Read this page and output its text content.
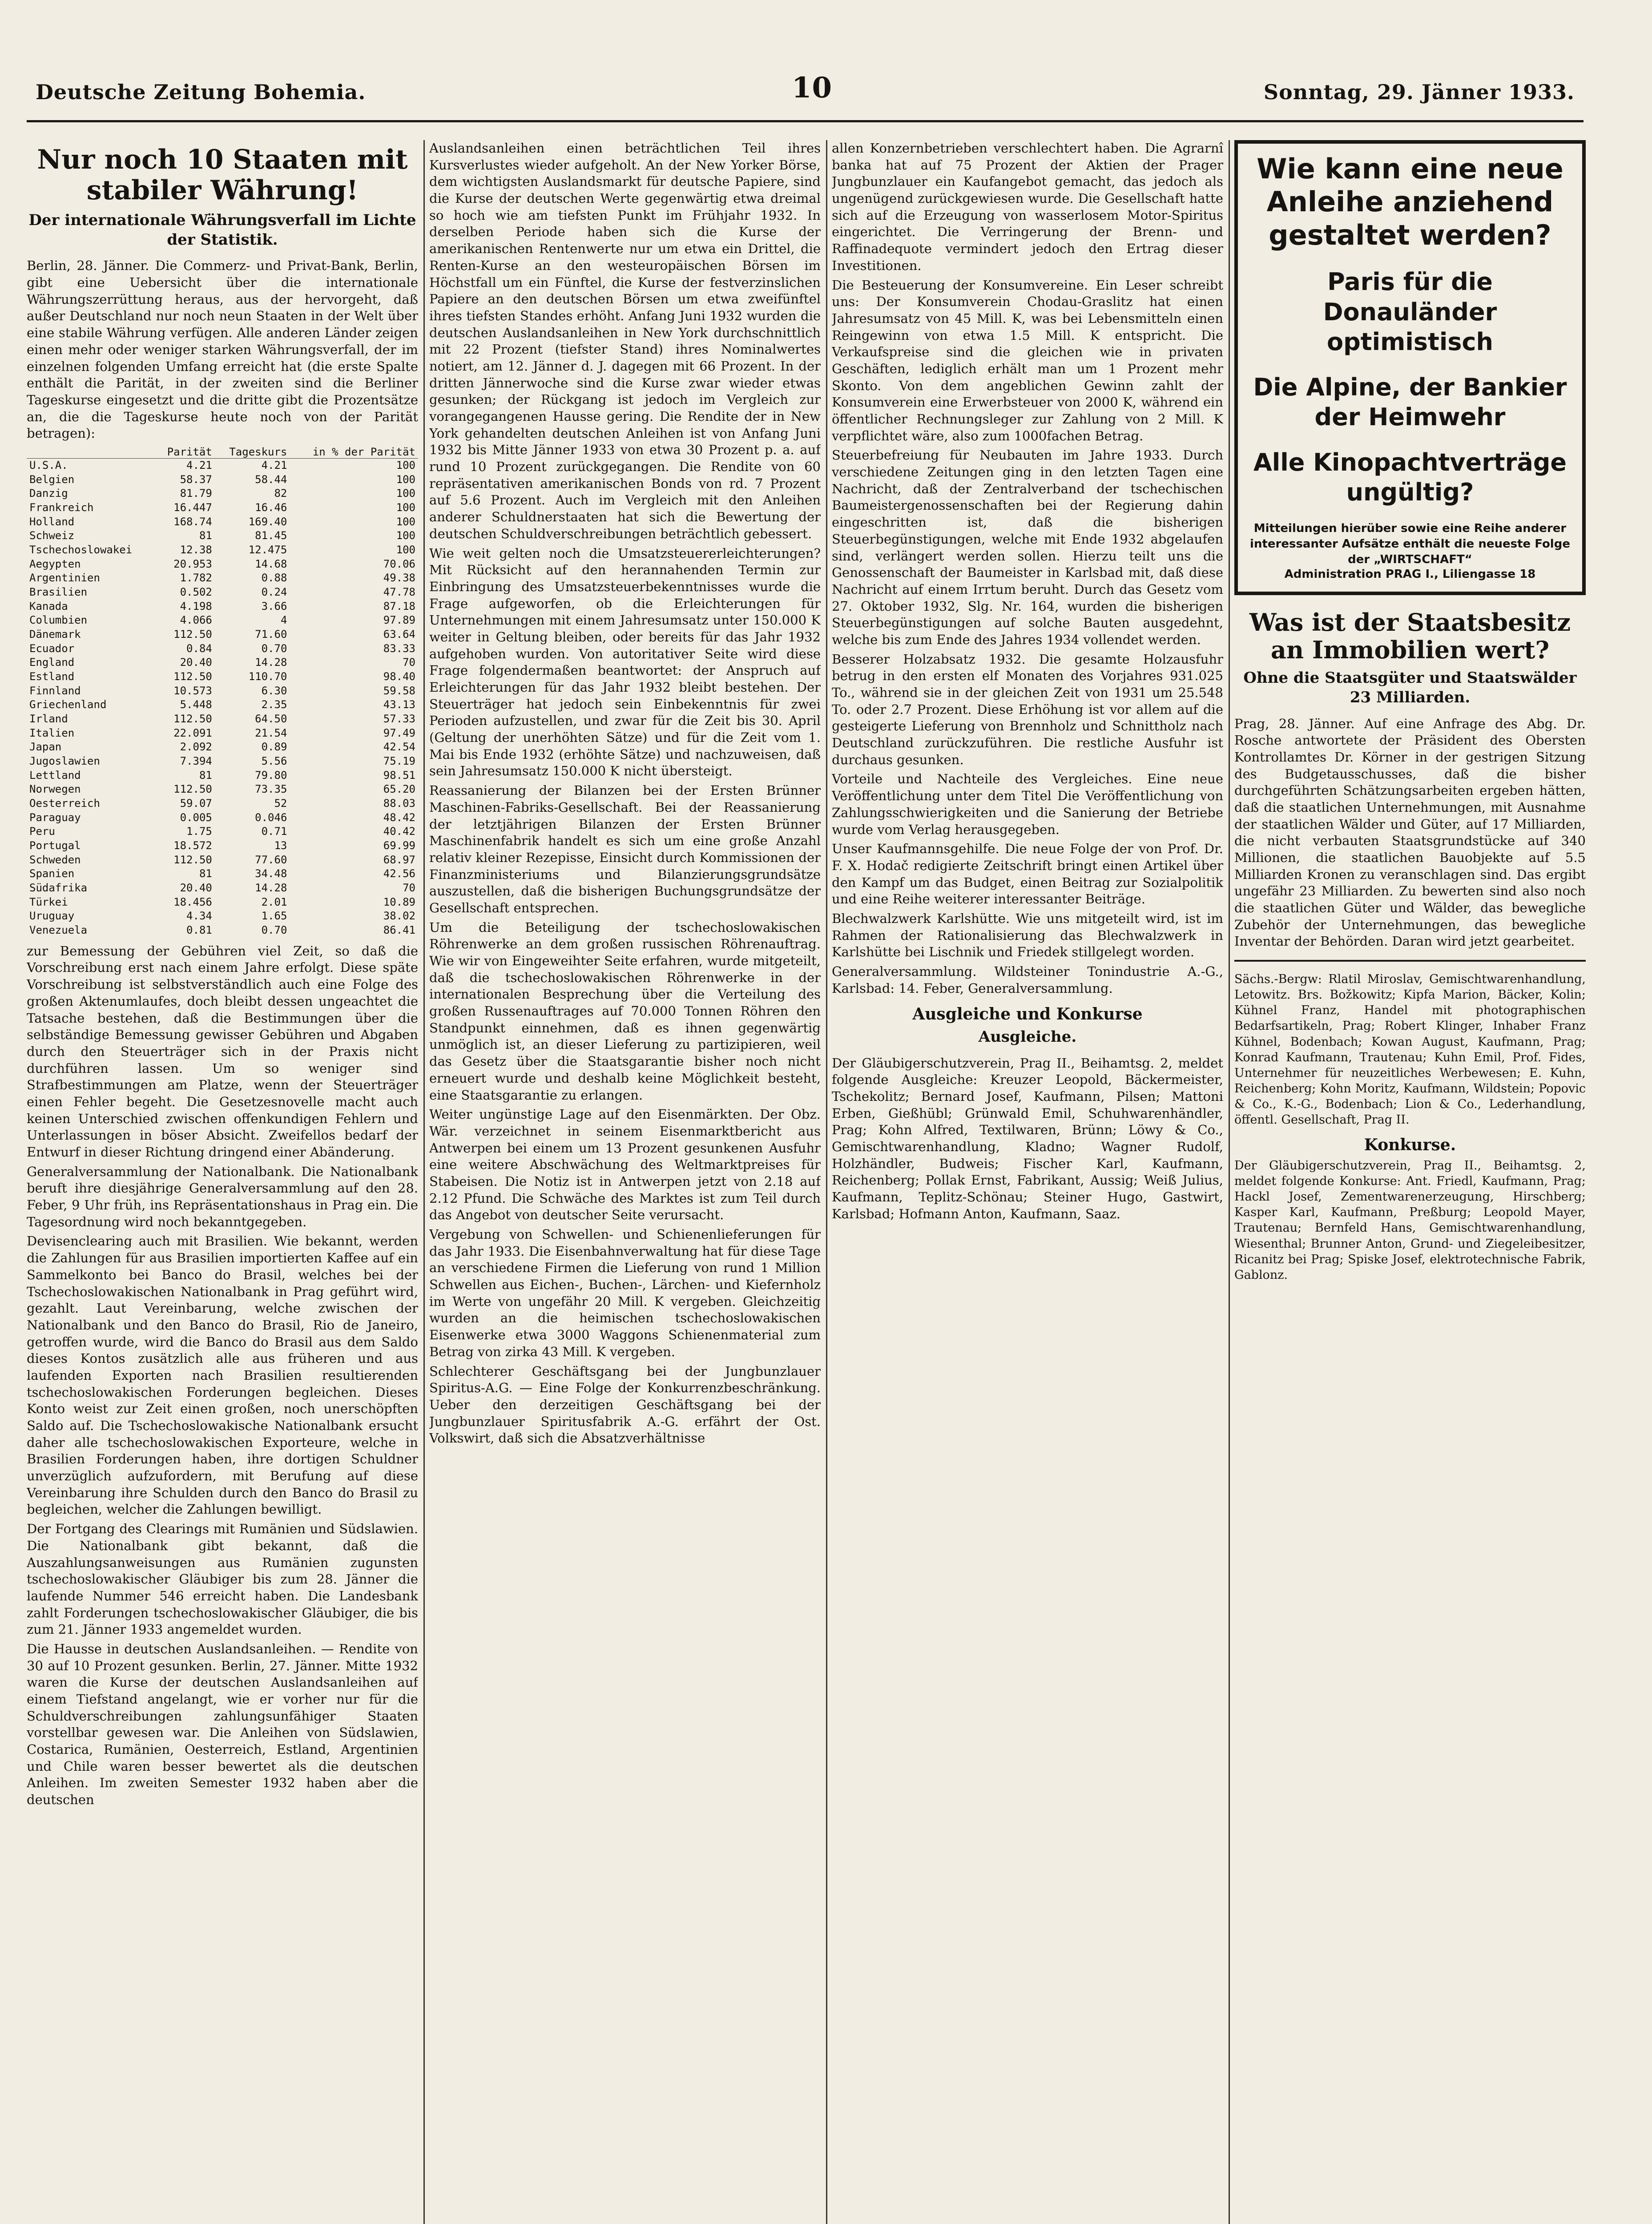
Deutsche Zeitung Bohemia.	10	Sonntag, 29. Jänner 1933.
Nur noch 10 Staaten mit stabiler Währung!
Der internationale Währungsverfall im Lichte der Statistik.

Berlin, 28. Jänner. Die Commerz- und Privat-Bank, Berlin, gibt eine Uebersicht über die internationale Währungszerrüttung heraus, aus der hervorgeht, daß außer Deutschland nur noch neun Staaten in der Welt über eine stabile Währung verfügen. Alle anderen Länder zeigen einen mehr oder weniger starken Währungsverfall, der im einzelnen folgenden Umfang erreicht hat (die erste Spalte enthält die Parität, in der zweiten sind die Berliner Tageskurse eingesetzt und die dritte gibt die Prozentsätze an, die die Tageskurse heute noch von der Parität betragen):

	Parität	Tageskurs	in % der Parität
U.S.A.	4.21	4.21	100
Belgien	58.37	58.44	100
Danzig	81.79	82	100
Frankreich	16.447	16.46	100
Holland	168.74	169.40	100
Schweiz	81	81.45	100
Tschechoslowakei	12.38	12.475	100
Aegypten	20.953	14.68	70.06
Argentinien	1.782	0.88	49.38
Brasilien	0.502	0.24	47.78
Kanada	4.198	3.66	87.18
Columbien	4.066	4	97.89
Dänemark	112.50	71.60	63.64
Ecuador	0.84	0.70	83.33
England	20.40	14.28	70
Estland	112.50	110.70	98.40
Finnland	10.573	6.30	59.58
Griechenland	5.448	2.35	43.13
Irland	112.50	64.50	57.33
Italien	22.091	21.54	97.49
Japan	2.092	0.89	42.54
Jugoslawien	7.394	5.56	75.19
Lettland	81	79.80	98.51
Norwegen	112.50	73.35	65.20
Oesterreich	59.07	52	88.03
Paraguay	0.005	0.046	48.42
Peru	1.75	0.71	40.42
Portugal	18.572	13	69.99
Schweden	112.50	77.60	68.97
Spanien	81	34.48	42.56
Südafrika	20.40	14.28	70
Türkei	18.456	2.01	10.89
Uruguay	4.34	1.65	38.02
Venezuela	0.81	0.70	86.41

zur Bemessung der Gebühren viel Zeit, so daß die Vorschreibung erst nach einem Jahre erfolgt. Diese späte Vorschreibung ist selbstverständlich auch eine Folge des großen Aktenumlaufes, doch bleibt dessen ungeachtet die Tatsache bestehen, daß die Bestimmungen über die selbständige Bemessung gewisser Gebühren und Abgaben durch den Steuerträger sich in der Praxis nicht durchführen lassen. Um so weniger sind Strafbestimmungen am Platze, wenn der Steuerträger einen Fehler begeht. Die Gesetzesnovelle macht auch keinen Unterschied zwischen offenkundigen Fehlern und Unterlassungen in böser Absicht. Zweifellos bedarf der Entwurf in dieser Richtung dringend einer Abänderung.

Generalversammlung der Nationalbank. Die Nationalbank beruft ihre diesjährige Generalversammlung auf den 28. Feber, 9 Uhr früh, ins Repräsentationshaus in Prag ein. Die Tagesordnung wird noch bekanntgegeben.

Devisenclearing auch mit Brasilien. Wie bekannt, werden die Zahlungen für aus Brasilien importierten Kaffee auf ein Sammelkonto bei Banco do Brasil, welches bei der Tschechoslowakischen Nationalbank in Prag geführt wird, gezahlt. Laut Vereinbarung, welche zwischen der Nationalbank und den Banco do Brasil, Rio de Janeiro, getroffen wurde, wird die Banco do Brasil aus dem Saldo dieses Kontos zusätzlich alle aus früheren und aus laufenden Exporten nach Brasilien resultierenden tschechoslowakischen Forderungen begleichen. Dieses Konto weist zur Zeit einen großen, noch unerschöpften Saldo auf. Die Tschechoslowakische Nationalbank ersucht daher alle tschechoslowakischen Exporteure, welche in Brasilien Forderungen haben, ihre dortigen Schuldner unverzüglich aufzufordern, mit Berufung auf diese Vereinbarung ihre Schulden durch den Banco do Brasil zu begleichen, welcher die Zahlungen bewilligt.

Der Fortgang des Clearings mit Rumänien und Südslawien. Die Nationalbank gibt bekannt, daß die Auszahlungsanweisungen aus Rumänien zugunsten tschechoslowakischer Gläubiger bis zum 28. Jänner die laufende Nummer 546 erreicht haben. Die Landesbank zahlt Forderungen tschechoslowakischer Gläubiger, die bis zum 21. Jänner 1933 angemeldet wurden.

Die Hausse in deutschen Auslandsanleihen. — Rendite von 30 auf 10 Prozent gesunken. Berlin, 27. Jänner. Mitte 1932 waren die Kurse der deutschen Auslandsanleihen auf einem Tiefstand angelangt, wie er vorher nur für die Schuldverschreibungen zahlungsunfähiger Staaten vorstellbar gewesen war. Die Anleihen von Südslawien, Costarica, Rumänien, Oesterreich, Estland, Argentinien und Chile waren besser bewertet als die deutschen Anleihen. Im zweiten Semester 1932 haben aber die deutschen

Auslandsanleihen einen beträchtlichen Teil ihres Kursverlustes wieder aufgeholt. An der New Yorker Börse, dem wichtigsten Auslandsmarkt für deutsche Papiere, sind die Kurse der deutschen Werte gegenwärtig etwa dreimal so hoch wie am tiefsten Punkt im Frühjahr 1932. In derselben Periode haben sich die Kurse der amerikanischen Rentenwerte nur um etwa ein Drittel, die Renten-Kurse an den westeuropäischen Börsen im Höchstfall um ein Fünftel, die Kurse der festverzinslichen Papiere an den deutschen Börsen um etwa zweifünftel ihres tiefsten Standes erhöht. Anfang Juni 1932 wurden die deutschen Auslandsanleihen in New York durchschnittlich mit 22 Prozent (tiefster Stand) ihres Nominalwertes notiert, am 12. Jänner d. J. dagegen mit 66 Prozent. In der dritten Jännerwoche sind die Kurse zwar wieder etwas gesunken; der Rückgang ist jedoch im Vergleich zur vorangegangenen Hausse gering. Die Rendite der in New York gehandelten deutschen Anleihen ist von Anfang Juni 1932 bis Mitte Jänner 1933 von etwa 30 Prozent p. a. auf rund 10 Prozent zurückgegangen. Die Rendite von 60 repräsentativen amerikanischen Bonds von rd. 7 Prozent auf 5.6 Prozent. Auch im Vergleich mit den Anleihen anderer Schuldnerstaaten hat sich die Bewertung der deutschen Schuldverschreibungen beträchtlich gebessert.

Wie weit gelten noch die Umsatzsteuererleichterungen? Mit Rücksicht auf den herannahenden Termin zur Einbringung des Umsatzsteuerbekenntnisses wurde die Frage aufgeworfen, ob die Erleichterungen für Unternehmungen mit einem Jahresumsatz unter 150.000 K weiter in Geltung bleiben, oder bereits für das Jahr 1932 aufgehoben wurden. Von autoritativer Seite wird diese Frage folgendermaßen beantwortet: der Anspruch auf Erleichterungen für das Jahr 1932 bleibt bestehen. Der Steuerträger hat jedoch sein Einbekenntnis für zwei Perioden aufzustellen, und zwar für die Zeit bis 30. April (Geltung der unerhöhten Sätze) und für die Zeit vom 1. Mai bis Ende 1932 (erhöhte Sätze) und nachzuweisen, daß sein Jahresumsatz 150.000 K nicht übersteigt.

Reassanierung der Bilanzen bei der Ersten Brünner Maschinen-Fabriks-Gesellschaft. Bei der Reassanierung der letztjährigen Bilanzen der Ersten Brünner Maschinenfabrik handelt es sich um eine große Anzahl relativ kleiner Rezepisse, Einsicht durch Kommissionen der Finanzministeriums und Bilanzierungsgrundsätze auszustellen, daß die bisherigen Buchungsgrundsätze der Gesellschaft entsprechen.

Um die Beteiligung der tschechoslowakischen Röhrenwerke an dem großen russischen Röhrenauftrag. Wie wir von Eingeweihter Seite erfahren, wurde mitgeteilt, daß die tschechoslowakischen Röhrenwerke in der internationalen Besprechung über die Verteilung des großen Russenauftrages auf 70.000 Tonnen Röhren den Standpunkt einnehmen, daß es ihnen gegenwärtig unmöglich ist, an dieser Lieferung zu partizipieren, weil das Gesetz über die Staatsgarantie bisher noch nicht erneuert wurde und deshalb keine Möglichkeit besteht, eine Staatsgarantie zu erlangen.

Weiter ungünstige Lage auf den Eisenmärkten. Der Obz. Wär. verzeichnet in seinem Eisenmarktbericht aus Antwerpen bei einem um 13 Prozent gesunkenen Ausfuhr eine weitere Abschwächung des Weltmarktpreises für Stabeisen. Die Notiz ist in Antwerpen jetzt von 2.18 auf 2.12 Pfund. Die Schwäche des Marktes ist zum Teil durch das Angebot von deutscher Seite verursacht.

Vergebung von Schwellen- und Schienenlieferungen für das Jahr 1933. Die Eisenbahnverwaltung hat für diese Tage an verschiedene Firmen die Lieferung von rund 1 Million Schwellen aus Eichen-, Buchen-, Lärchen- und Kiefernholz im Werte von ungefähr 20 Mill. K vergeben. Gleichzeitig wurden an die heimischen tschechoslowakischen Eisenwerke etwa 3000 Waggons Schienenmaterial zum Betrag von zirka 43 Mill. K vergeben.

Schlechterer Geschäftsgang bei der Jungbunzlauer Spiritus-A.G. — Eine Folge der Konkurrenzbeschränkung. Ueber den derzeitigen Geschäftsgang bei der Jungbunzlauer Spiritusfabrik A.-G. erfährt der Ost. Volkswirt, daß sich die Absatzverhältnisse

allen Konzernbetrieben verschlechtert haben. Die Agrarnî banka hat auf 75 Prozent der Aktien der Prager Jungbunzlauer ein Kaufangebot gemacht, das jedoch als ungenügend zurückgewiesen wurde. Die Gesellschaft hatte sich auf die Erzeugung von wasserlosem Motor-Spiritus eingerichtet. Die Verringerung der Brenn- und Raffinadequote vermindert jedoch den Ertrag dieser Investitionen.

Die Besteuerung der Konsumvereine. Ein Leser schreibt uns: Der Konsumverein Chodau-Graslitz hat einen Jahresumsatz von 45 Mill. K, was bei Lebensmitteln einen Reingewinn von etwa 1.5 Mill. K entspricht. Die Verkaufspreise sind die gleichen wie in privaten Geschäften, lediglich erhält man um 1 Prozent mehr Skonto. Von dem angeblichen Gewinn zahlt der Konsumverein eine Erwerbsteuer von 2000 K, während ein öffentlicher Rechnungsleger zur Zahlung von 2 Mill. K verpflichtet wäre, also zum 1000fachen Betrag.

Steuerbefreiung für Neubauten im Jahre 1933. Durch verschiedene Zeitungen ging in den letzten Tagen eine Nachricht, daß der Zentralverband der tschechischen Baumeistergenossenschaften bei der Regierung dahin eingeschritten ist, daß die bisherigen Steuerbegünstigungen, welche mit Ende 1932 abgelaufen sind, verlängert werden sollen. Hierzu teilt uns die Genossenschaft der Baumeister in Karlsbad mit, daß diese Nachricht auf einem Irrtum beruht. Durch das Gesetz vom 27. Oktober 1932, Slg. Nr. 164, wurden die bisherigen Steuerbegünstigungen auf solche Bauten ausgedehnt, welche bis zum Ende des Jahres 1934 vollendet werden.

Besserer Holzabsatz 1932. Die gesamte Holzausfuhr betrug in den ersten elf Monaten des Vorjahres 931.025 To., während sie in der gleichen Zeit von 1931 um 25.548 To. oder 2.7 Prozent. Diese Erhöhung ist vor allem auf die gesteigerte Lieferung von Brennholz und Schnittholz nach Deutschland zurückzuführen. Die restliche Ausfuhr ist durchaus gesunken.

Vorteile und Nachteile des Vergleiches. Eine neue Veröffentlichung unter dem Titel Die Veröffentlichung von Zahlungsschwierigkeiten und die Sanierung der Betriebe wurde vom Verlag herausgegeben.

Unser Kaufmannsgehilfe. Die neue Folge der von Prof. Dr. F. X. Hodač redigierte Zeitschrift bringt einen Artikel über den Kampf um das Budget, einen Beitrag zur Sozialpolitik und eine Reihe weiterer interessanter Beiträge.

Blechwalzwerk Karlshütte. Wie uns mitgeteilt wird, ist im Rahmen der Rationalisierung das Blechwalzwerk in Karlshütte bei Lischnik und Friedek stillgelegt worden.

Generalversammlung. Wildsteiner Tonindustrie A.-G., Karlsbad: 14. Feber, Generalversammlung.

Ausgleiche und Konkurse
Ausgleiche.

Der Gläubigerschutzverein, Prag II., Beihamtsg. 2, meldet folgende Ausgleiche: Kreuzer Leopold, Bäckermeister, Tschekolitz; Bernard Josef, Kaufmann, Pilsen; Mattoni Erben, Gießhübl; Grünwald Emil, Schuhwarenhändler, Prag; Kohn Alfred, Textilwaren, Brünn; Löwy & Co., Gemischtwarenhandlung, Kladno; Wagner Rudolf, Holzhändler, Budweis; Fischer Karl, Kaufmann, Reichenberg; Pollak Ernst, Fabrikant, Aussig; Weiß Julius, Kaufmann, Teplitz-Schönau; Steiner Hugo, Gastwirt, Karlsbad; Hofmann Anton, Kaufmann, Saaz.

Wie kann eine neue Anleihe anziehend gestaltet werden?
Paris für die Donauländer optimistisch
Die Alpine, der Bankier der Heimwehr
Alle Kinopachtverträge ungültig?
Mitteilungen hierüber sowie eine Reihe anderer interessanter Aufsätze enthält die neueste Folge der „WIRTSCHAFT“
Administration PRAG I., Liliengasse 18
Was ist der Staatsbesitz an Immobilien wert?
Ohne die Staatsgüter und Staatswälder 23 Milliarden.

Prag, 28. Jänner. Auf eine Anfrage des Abg. Dr. Rosche antwortete der Präsident des Obersten Kontrollamtes Dr. Körner in der gestrigen Sitzung des Budgetausschusses, daß die bisher durchgeführten Schätzungsarbeiten ergeben hätten, daß die staatlichen Unternehmungen, mit Ausnahme der staatlichen Wälder und Güter, auf 17 Milliarden, die nicht verbauten Staatsgrundstücke auf 340 Millionen, die staatlichen Bauobjekte auf 5.5 Milliarden Kronen zu veranschlagen sind. Das ergibt ungefähr 23 Milliarden. Zu bewerten sind also noch die staatlichen Güter und Wälder, das bewegliche Zubehör der Unternehmungen, das bewegliche Inventar der Behörden. Daran wird jetzt gearbeitet.

Sächs.-Bergw: Rlatil Miroslav, Gemischtwarenhandlung, Letowitz. Brs. Božkowitz; Kipfa Marion, Bäcker, Kolin; Kühnel Franz, Handel mit photographischen Bedarfsartikeln, Prag; Robert Klinger, Inhaber Franz Kühnel, Bodenbach; Kowan August, Kaufmann, Prag; Konrad Kaufmann, Trautenau; Kuhn Emil, Prof. Fides, Unternehmer für neuzeitliches Werbewesen; E. Kuhn, Reichenberg; Kohn Moritz, Kaufmann, Wildstein; Popovic & Co., K.-G., Bodenbach; Lion & Co., Lederhandlung, öffentl. Gesellschaft, Prag II.

Konkurse.

Der Gläubigerschutzverein, Prag II., Beihamtsg. 2, meldet folgende Konkurse: Ant. Friedl, Kaufmann, Prag; Hackl Josef, Zementwarenerzeugung, Hirschberg; Kasper Karl, Kaufmann, Preßburg; Leopold Mayer, Trautenau; Bernfeld Hans, Gemischtwarenhandlung, Wiesenthal; Brunner Anton, Grund- und Ziegeleibesitzer, Ricanitz bei Prag; Spiske Josef, elektrotechnische Fabrik, Gablonz.
